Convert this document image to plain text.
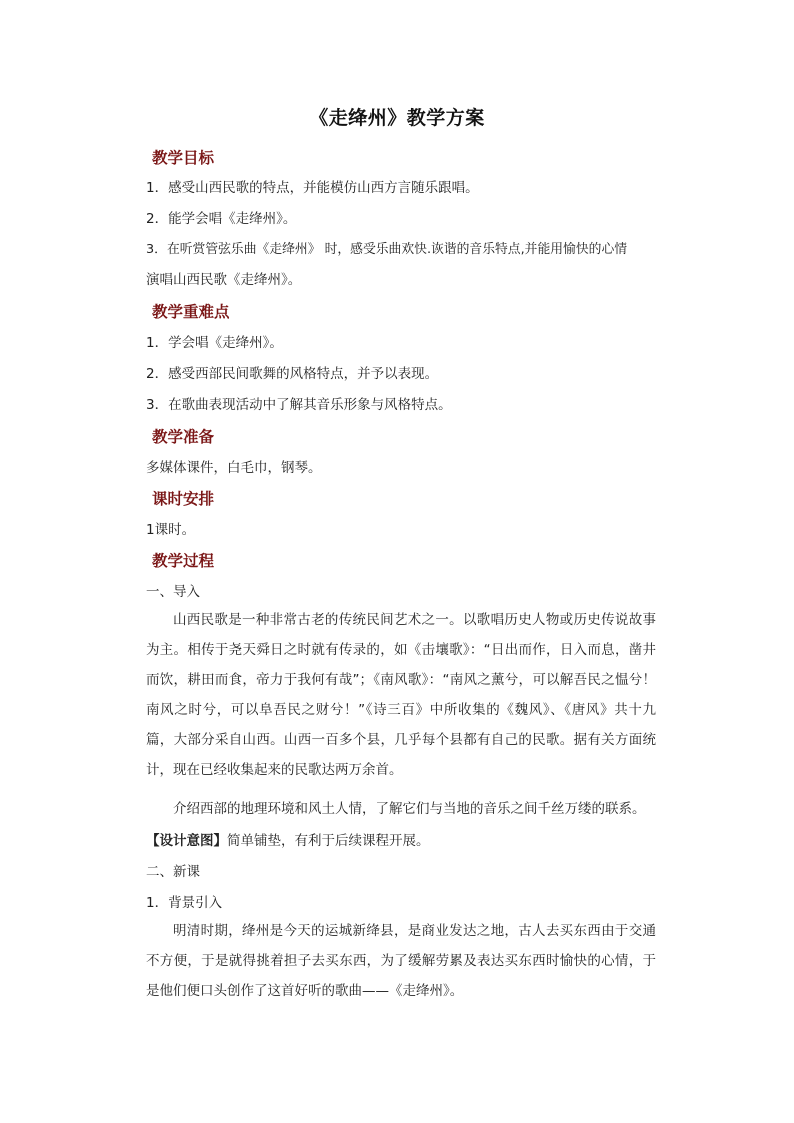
《走绛州》教学方案
教学目标
1．感受山西民歌的特点，并能模仿山西方言随乐跟唱。
2．能学会唱《走绛州》。
3．在听赏管弦乐曲《走绛州》 时，感受乐曲欢快.诙谐的音乐特点,并能用愉快的心情
演唱山西民歌《走绛州》。
教学重难点
1．学会唱《走绛州》。
2．感受西部民间歌舞的风格特点，并予以表现。
3．在歌曲表现活动中了解其音乐形象与风格特点。
教学准备
多媒体课件，白毛巾，钢琴。
课时安排
1课时。
教学过程
一、导入
山西民歌是一种非常古老的传统民间艺术之一。以歌唱历史人物或历史传说故事为主。相传于尧天舜日之时就有传录的，如《击壤歌》：“日出而作，日入而息，凿井而饮，耕田而食，帝力于我何有哉”；《南风歌》：“南风之薰兮，可以解吾民之愠兮！南风之时兮，可以阜吾民之财兮！”《诗三百》中所收集的《魏风》、《唐风》共十九篇，大部分采自山西。山西一百多个县，几乎每个县都有自己的民歌。据有关方面统计，现在已经收集起来的民歌达两万余首。
介绍西部的地理环境和风土人情，了解它们与当地的音乐之间千丝万缕的联系。
【设计意图】简单铺垫，有利于后续课程开展。
二、新课
1．背景引入
明清时期，绛州是今天的运城新绛县，是商业发达之地，古人去买东西由于交通不方便，于是就得挑着担子去买东西，为了缓解劳累及表达买东西时愉快的心情，于是他们便口头创作了这首好听的歌曲——《走绛州》。
